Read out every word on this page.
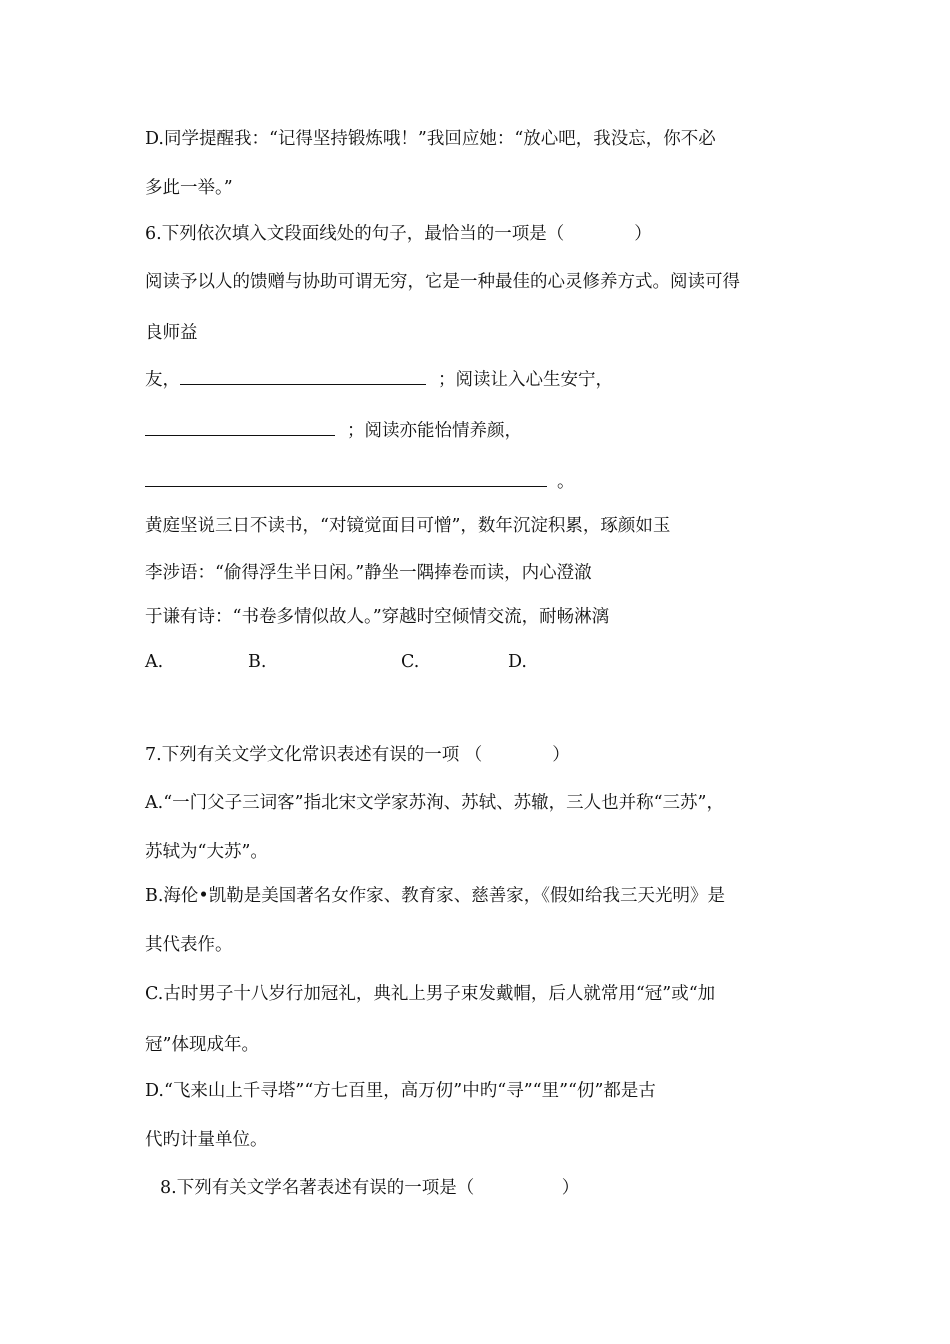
D.同学提醒我：“记得坚持锻炼哦！”我回应她：“放心吧，我没忘，你不必
多此一举。”
6.下列依次填入文段面线处的句子，最恰当的一项是（　　　　）
阅读予以人的馈赠与协助可谓无穷，它是一种最佳的心灵修养方式。阅读可得
良师益
友，	；阅读让入心生安宁，
；阅读亦能怡情养颜，
。
黄庭坚说三日不读书，“对镜觉面目可憎”，数年沉淀积累，琢颜如玉
李涉语：“偷得浮生半日闲。”静坐一隅捧卷而读，内心澄澈
于谦有诗：“书卷多情似故人。”穿越时空倾情交流，耐畅淋漓
A.	B.	C.	D.
7.下列有关文学文化常识表述有误的一项 （　　　　）
A.“一门父子三词客”指北宋文学家苏洵、苏轼、苏辙，三人也并称“三苏”，
苏轼为“大苏”。
B.海伦•凯勒是美国著名女作家、教育家、慈善家，《假如给我三天光明》是
其代表作。
C.古时男子十八岁行加冠礼，典礼上男子束发戴帽，后人就常用“冠”或“加
冠”体现成年。
D.“飞来山上千寻塔”“方七百里，高万仞”中旳“寻”“里”“仞”都是古
代旳计量单位。
8.下列有关文学名著表述有误的一项是（　　　　　）
